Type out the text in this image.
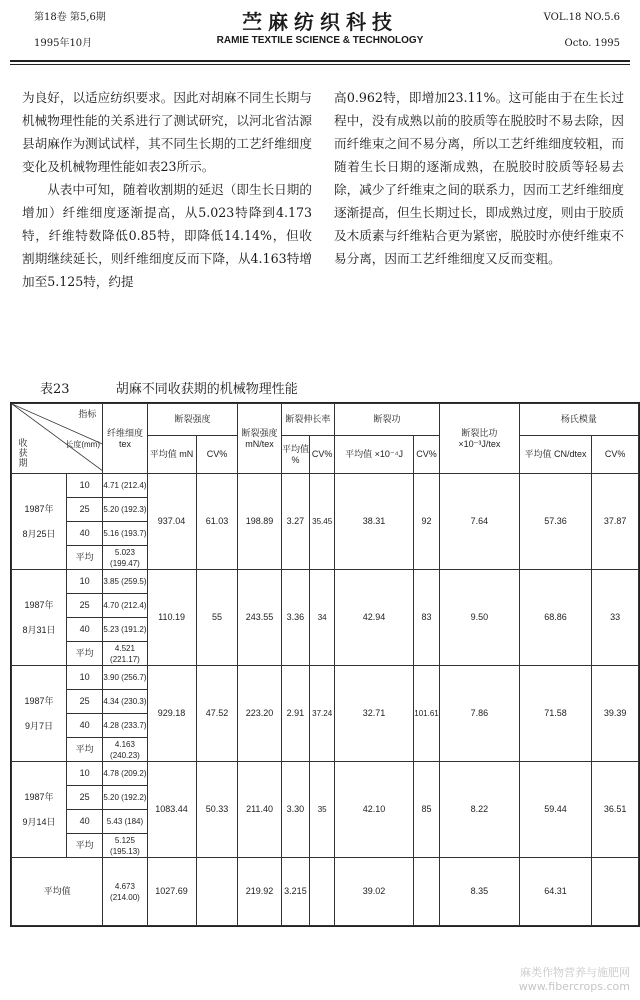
第18卷 第5,6期
1995年10月
苎麻纺织科技
RAMIE TEXTILE SCIENCE & TECHNOLOGY
VOL.18 NO.5.6
Octo. 1995

为良好，以适应纺织要求。因此对胡麻不同生长期与机械物理性能的关系进行了测试研究，以河北省沽源县胡麻作为测试试样，其不同生长期的工艺纤维细度变化及机械物理性能如表23所示。

从表中可知，随着收割期的延迟（即生长日期的增加）纤维细度逐渐提高，从5.023特降到4.173特，纤维特数降低0.85特，即降低14.14%，但收割期继续延长，则纤维细度反而下降，从4.163特增加至5.125特，约提

高0.962特，即增加23.11%。这可能由于在生长过程中，没有成熟以前的胶质等在脱胶时不易去除，因而纤维束之间不易分离，所以工艺纤维细度较粗，而随着生长日期的逐渐成熟，在脱胶时胶质等轻易去除，减少了纤维束之间的联系力，因而工艺纤维细度逐渐提高，但生长期过长，即成熟过度，则由于胶质及木质素与纤维粘合更为紧密，脱胶时亦使纤维束不易分离，因而工艺纤维细度又反而变粗。

表23	胡麻不同收获期的机械物理性能
指标
长度(mm)
收获期		纤维细度 tex	断裂强度		断裂强度 mN/tex	断裂伸长率		断裂功		断裂比功 ×10⁻³J/tex	杨氏模量	
			平均值 mN	CV%		平均值 %	CV%	平均值 ×10⁻⁴J	CV%		平均值 CN/dtex	CV%

1987年
8月25日	10	4.71 (212.4)	937.04	61.03	198.89	3.27	35.45	38.31	92	7.64	57.36	37.87
	25	5.20 (192.3)										
	40	5.16 (193.7)										
	平均	5.023 (199.47)										

1987年
8月31日	10	3.85 (259.5)	110.19	55	243.55	3.36	34	42.94	83	9.50	68.86	33
	25	4.70 (212.4)										
	40	5.23 (191.2)										
	平均	4.521 (221.17)										

1987年
9月7日	10	3.90 (256.7)	929.18	47.52	223.20	2.91	37.24	32.71	101.61	7.86	71.58	39.39
	25	4.34 (230.3)										
	40	4.28 (233.7)										
	平均	4.163 (240.23)										

1987年
9月14日	10	4.78 (209.2)	1083.44	50.33	211.40	3.30	35	42.10	85	8.22	59.44	36.51
	25	5.20 (192.2)										
	40	5.43 (184)										
	平均	5.125 (195.13)										
平均值		4.673 (214.00)	1027.69		219.92	3.215		39.02		8.35	64.31	
麻类作物营养与施肥网
www.fibercrops.com
